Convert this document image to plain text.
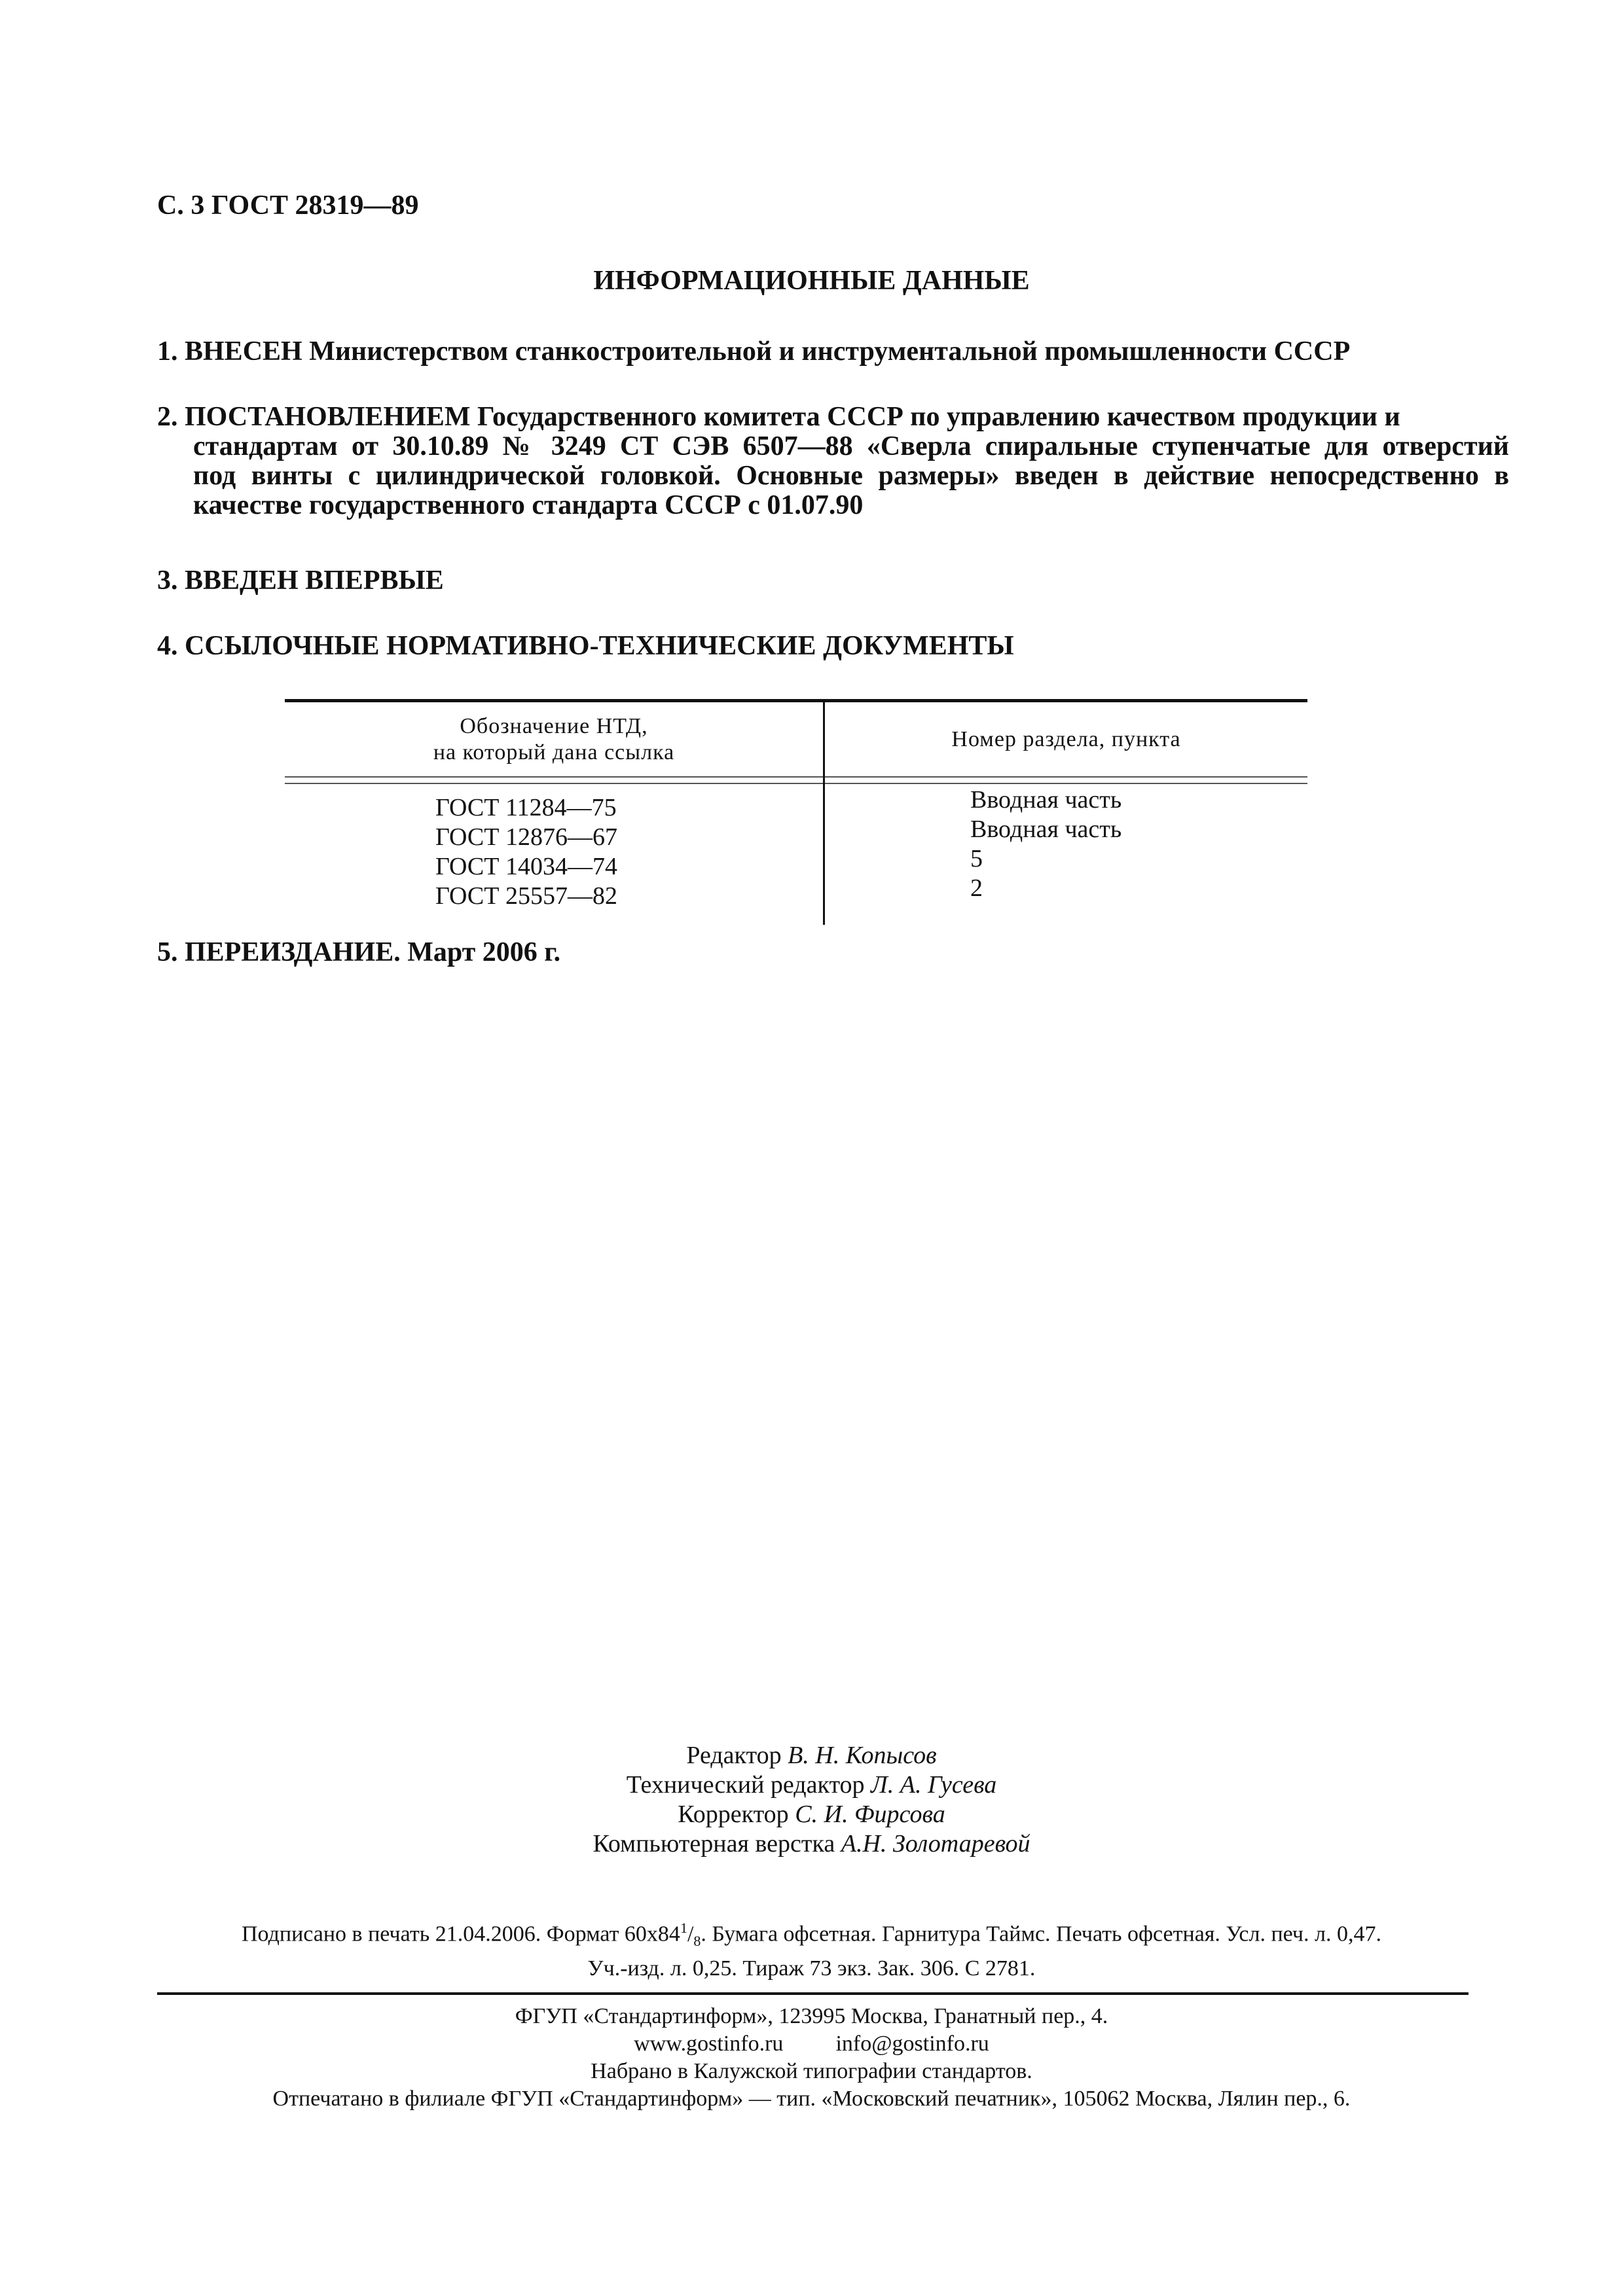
С. 3 ГОСТ 28319—89
ИНФОРМАЦИОННЫЕ ДАННЫЕ

1. ВНЕСЕН Министерством станкостроительной и инструментальной промышленности СССР

2. ПОСТАНОВЛЕНИЕМ Государственного комитета СССР по управлению качеством продукции и

стандартам от 30.10.89 № 3249 СТ СЭВ 6507—88 «Сверла спиральные ступенчатые для отверстий

под винты с цилиндрической головкой. Основные размеры» введен в действие непосредственно в

качестве государственного стандарта СССР с 01.07.90

3. ВВЕДЕН ВПЕРВЫЕ

4. ССЫЛОЧНЫЕ НОРМАТИВНО-ТЕХНИЧЕСКИЕ ДОКУМЕНТЫ

Обозначение НТД,
на который дана ссылка
Номер раздела, пункта
ГОСТ 11284—75
ГОСТ 12876—67
ГОСТ 14034—74
ГОСТ 25557—82
Вводная часть
Вводная часть
5
2

5. ПЕРЕИЗДАНИЕ. Март 2006 г.

Редактор В. Н. Копысов
Технический редактор Л. А. Гусева
Корректор С. И. Фирсова
Компьютерная верстка А.Н. Золотаревой
Подписано в печать 21.04.2006. Формат $60x84^1/_8$. Бумага офсетная. Гарнитура Таймс. Печать офсетная. Усл. печ. л. 0,47.
Уч.-изд. л. 0,25. Тираж 73 экз. Зак. 306. С 2781.
ФГУП «Стандартинформ», 123995 Москва, Гранатный пер., 4.
www.gostinfo.ru info@gostinfo.ru
Набрано в Калужской типографии стандартов.
Отпечатано в филиале ФГУП «Стандартинформ» — тип. «Московский печатник», 105062 Москва, Лялин пер., 6.
